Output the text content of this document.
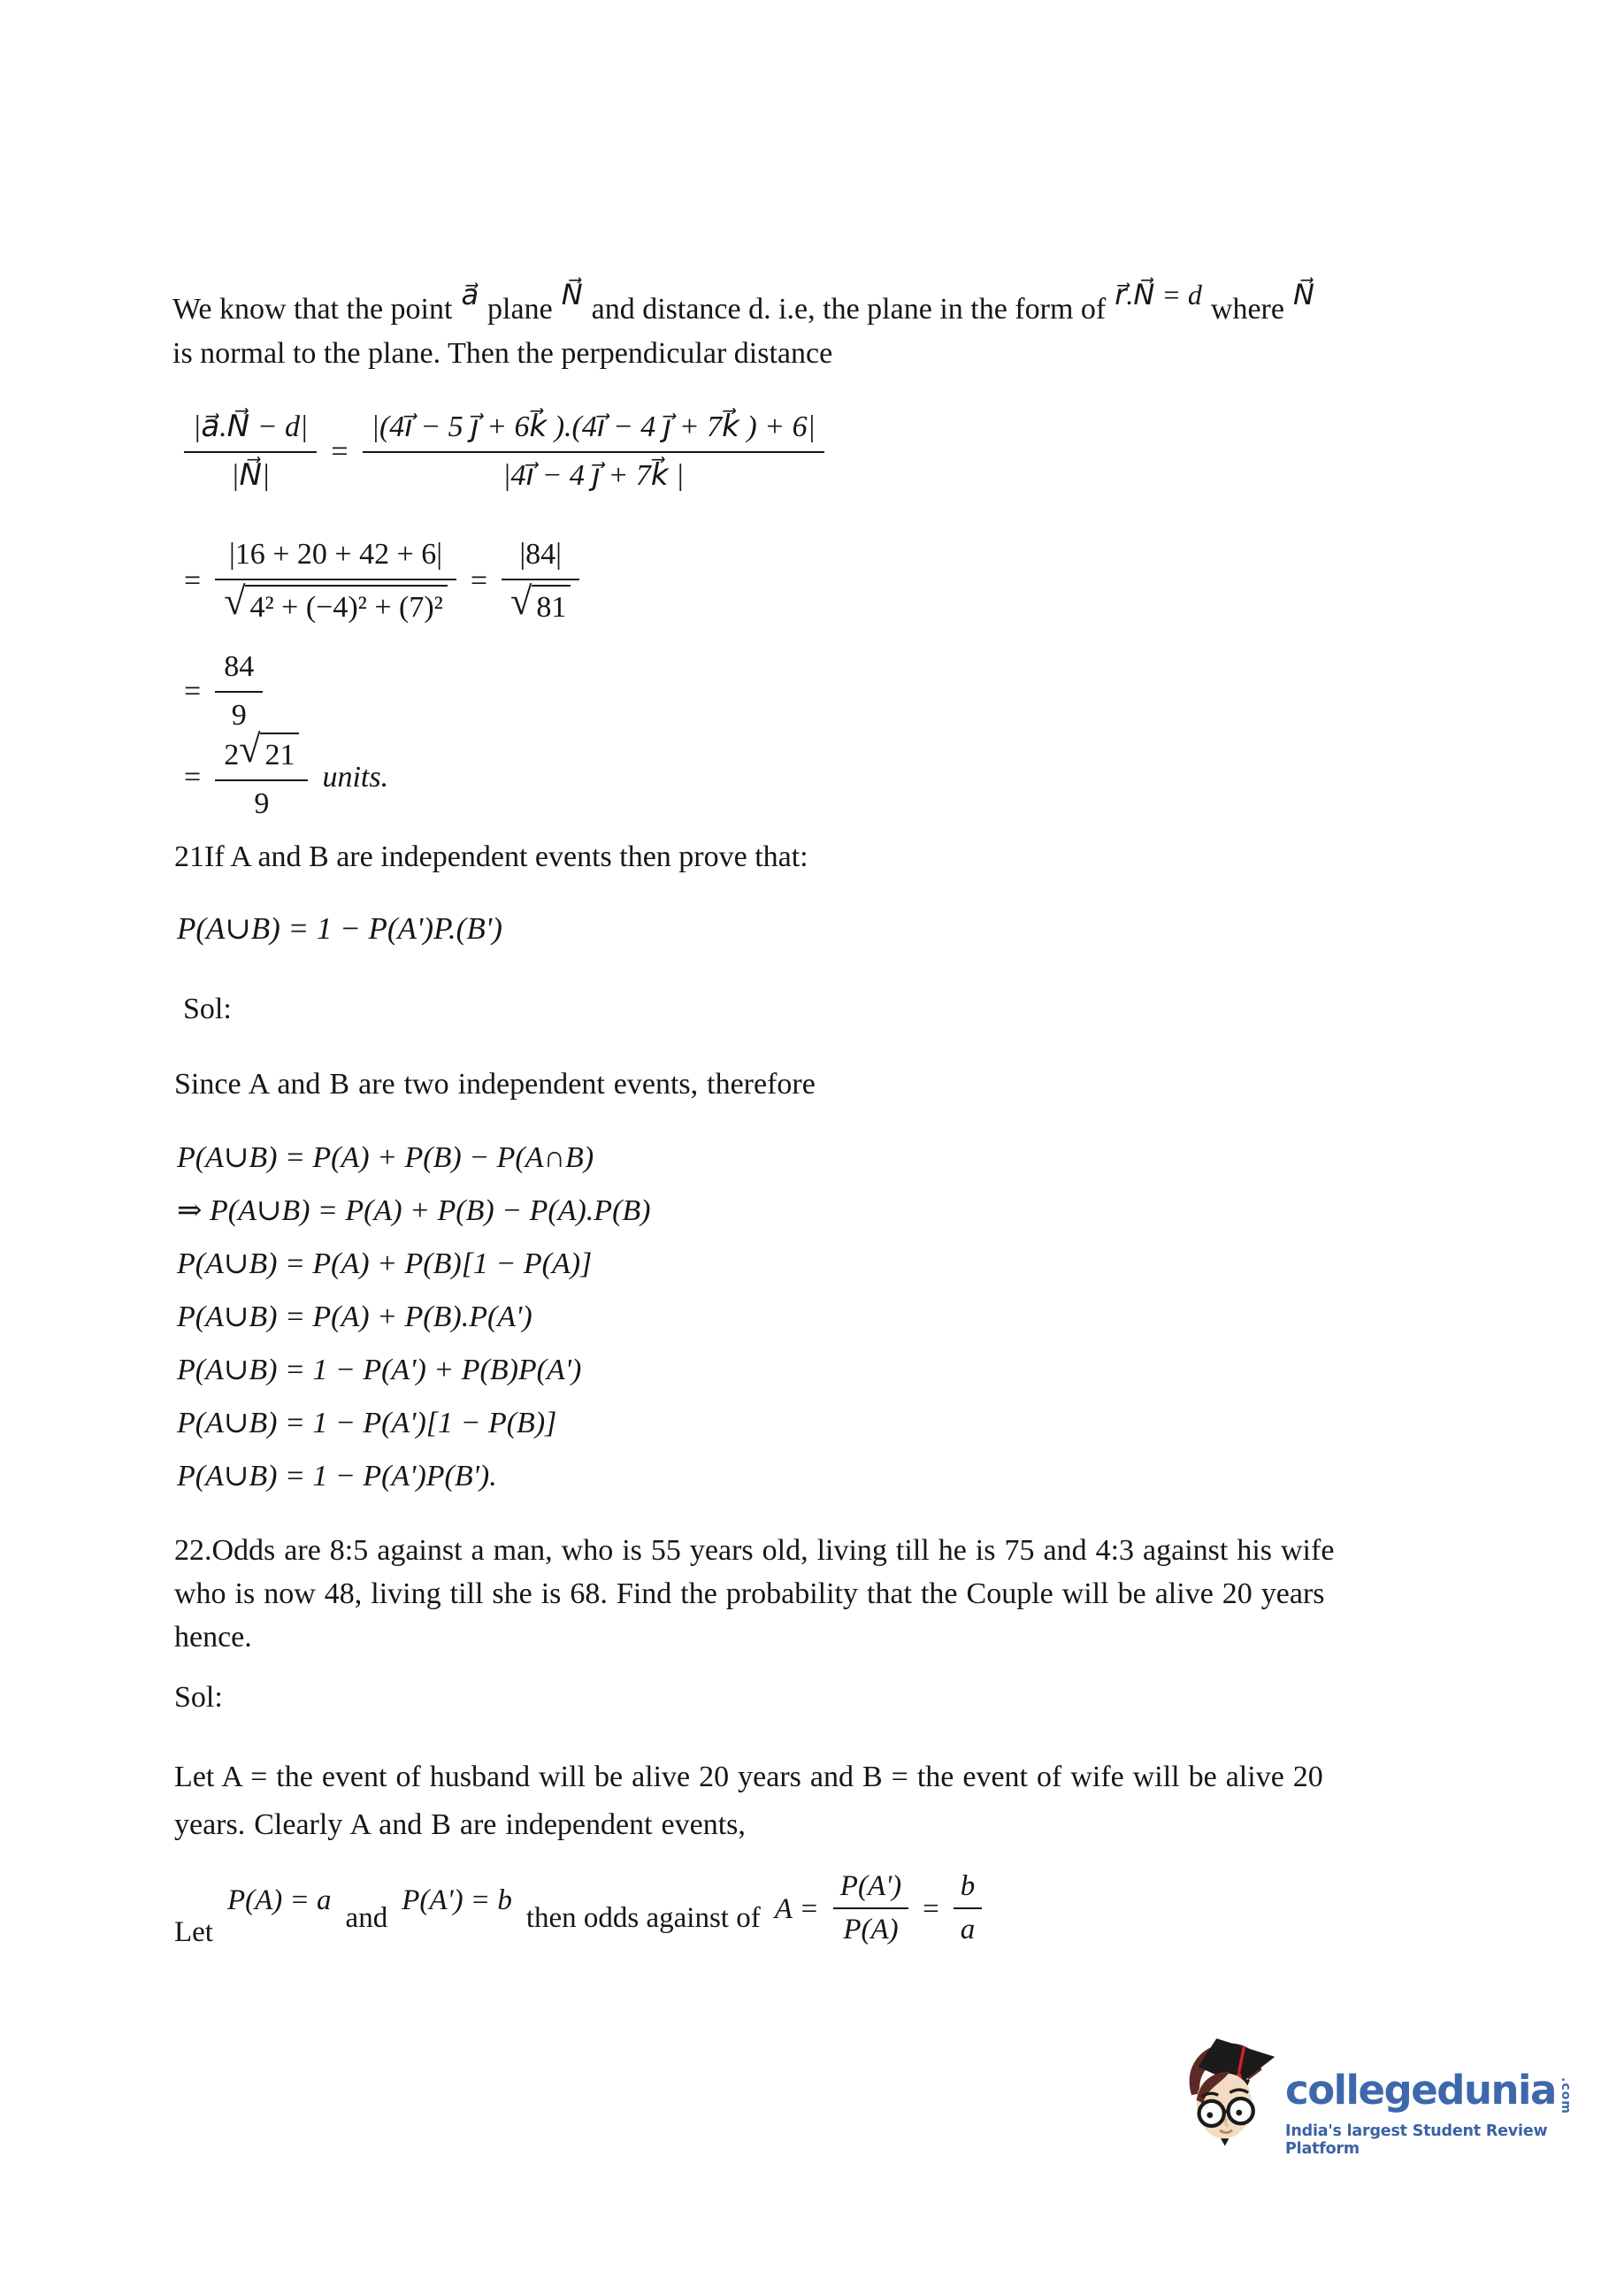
We know that the point a⃗ plane N⃗ and distance d. i.e, the plane in the form of r⃗.N⃗ = d where N⃗
is normal to the plane. Then the perpendicular distance
$\frac{|a⃗.N⃗ - d|}{|N⃗|} = \frac{|(4i⃗ - 5 j⃗ + 6k⃗ ).(4i⃗ - 4 j⃗ + 7k⃗ ) + 6|}{|4i⃗ - 4 j⃗ + 7k⃗ |}$
= $\frac{|16 + 20 + 42 + 6|}{\text{√ 4² + (−4)² + (7)²}} = \frac{|84|}{√ 81}$
= $\frac{84}{9}$
= $\frac{2 √ 21}{9}$ units.
21If A and B are independent events then prove that:
P(A∪B) = 1 − P(A')P.(B')
Sol:
Since A and B are two independent events, therefore
P(A∪B) = P(A) + P(B) − P(A∩B)
⇒ P(A∪B) = P(A) + P(B) − P(A).P(B)
P(A∪B) = P(A) + P(B)[1 − P(A)]
P(A∪B) = P(A) + P(B).P(A')
P(A∪B) = 1 − P(A') + P(B)P(A')
P(A∪B) = 1 − P(A')[1 − P(B)]
P(A∪B) = 1 − P(A')P(B').
22.Odds are 8:5 against a man, who is 55 years old, living till he is 75 and 4:3 against his wife
who is now 48, living till she is 68. Find the probability that the Couple will be alive 20 years
hence.
Sol:
Let A = the event of husband will be alive 20 years and B = the event of wife will be alive 20
years. Clearly A and B are independent events,
Let
P(A) = a
and
P(A') = b
then odds against of $A = \frac{P(A')}{P(A)} = \frac{b}{a}$
collegedunia .com
India's largest Student Review Platform
